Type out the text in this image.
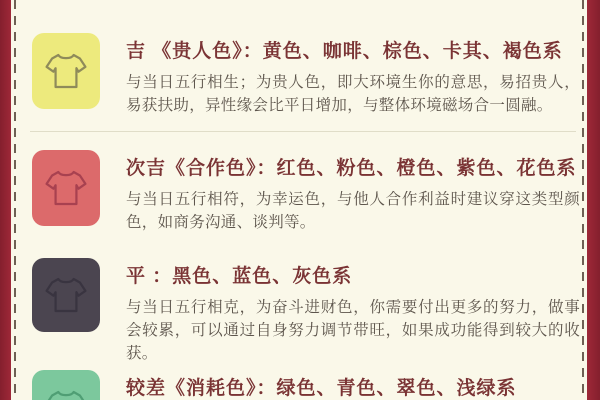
吉 《贵人色》：黄色、咖啡、棕色、卡其、褐色系
与当日五行相生；为贵人色，即大环境生你的意思，易招贵人，易获扶助，异性缘会比平日增加，与整体环境磁场合一圆融。
次吉《合作色》：红色、粉色、橙色、紫色、花色系
与当日五行相符，为幸运色，与他人合作利益时建议穿这类型颜色，如商务沟通、谈判等。
平 ：黑色、蓝色、灰色系
与当日五行相克，为奋斗进财色，你需要付出更多的努力，做事会较累，可以通过自身努力调节带旺，如果成功能得到较大的收获。
较差《消耗色》：绿色、青色、翠色、浅绿系
